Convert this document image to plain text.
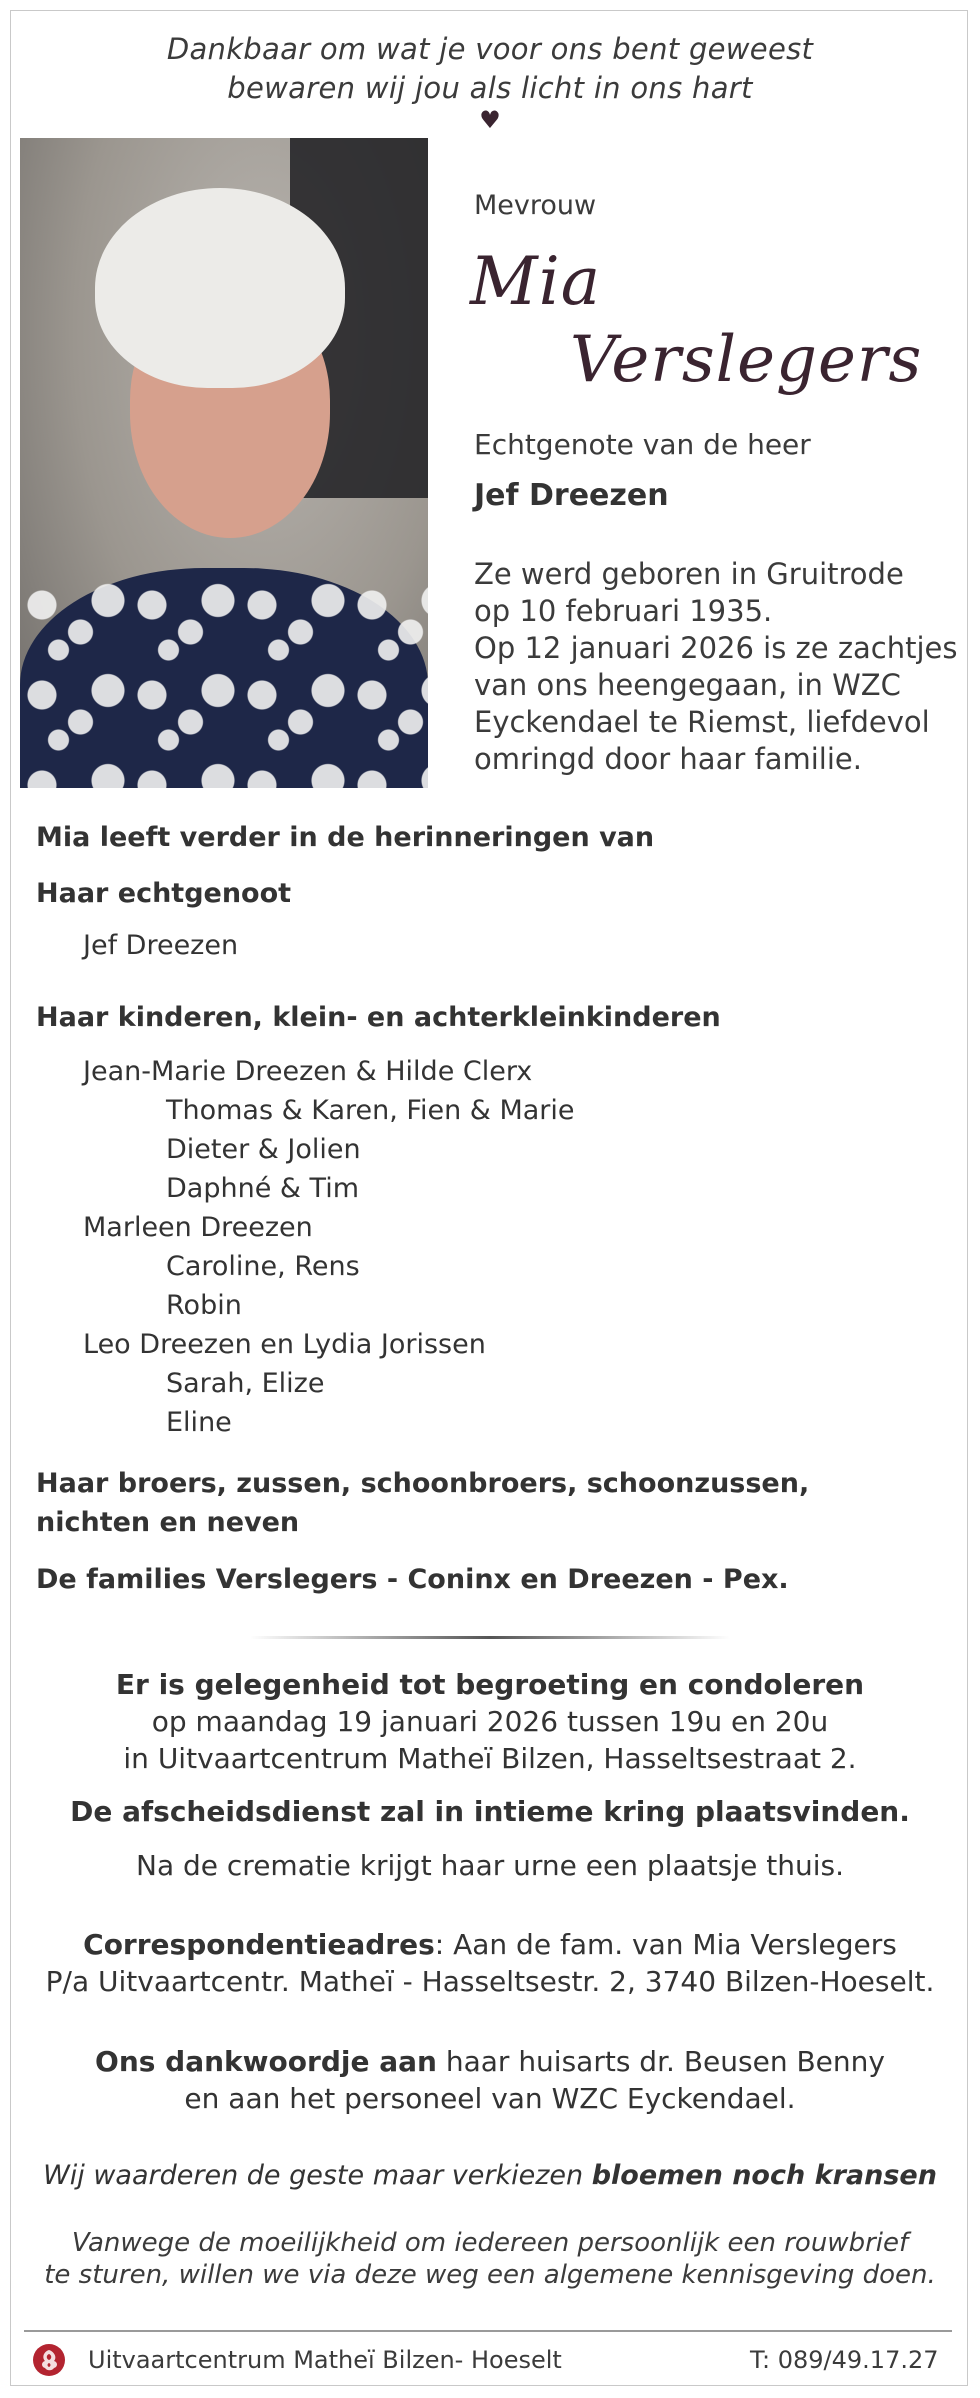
Dankbaar om wat je voor ons bent geweest
bewaren wij jou als licht in ons hart
♥
Mevrouw
Mia
Verslegers
Echtgenote van de heer
Jef Dreezen
Ze werd geboren in Gruitrode
op 10 februari 1935.
Op 12 januari 2026 is ze zachtjes
van ons heengegaan, in WZC
Eyckendael te Riemst, liefdevol
omringd door haar familie.
Mia leeft verder in de herinneringen van
Haar echtgenoot
Jef Dreezen
Haar kinderen, klein- en achterkleinkinderen
Jean-Marie Dreezen & Hilde Clerx
Thomas & Karen, Fien & Marie
Dieter & Jolien
Daphné & Tim
Marleen Dreezen
Caroline, Rens
Robin
Leo Dreezen en Lydia Jorissen
Sarah, Elize
Eline
Haar broers, zussen, schoonbroers, schoonzussen,
nichten en neven
De families Verslegers - Coninx en Dreezen - Pex.
Er is gelegenheid tot begroeting en condoleren
op maandag 19 januari 2026 tussen 19u en 20u
in Uitvaartcentrum Matheï Bilzen, Hasseltsestraat 2.
De afscheidsdienst zal in intieme kring plaatsvinden.
Na de crematie krijgt haar urne een plaatsje thuis.
Correspondentieadres: Aan de fam. van Mia Verslegers
P/a Uitvaartcentr. Matheï - Hasseltsestr. 2, 3740 Bilzen-Hoeselt.
Ons dankwoordje aan haar huisarts dr. Beusen Benny
en aan het personeel van WZC Eyckendael.
Wij waarderen de geste maar verkiezen bloemen noch kransen
Vanwege de moeilijkheid om iedereen persoonlijk een rouwbrief
te sturen, willen we via deze weg een algemene kennisgeving doen.
Uitvaartcentrum Matheï Bilzen- Hoeselt	T: 089/49.17.27
